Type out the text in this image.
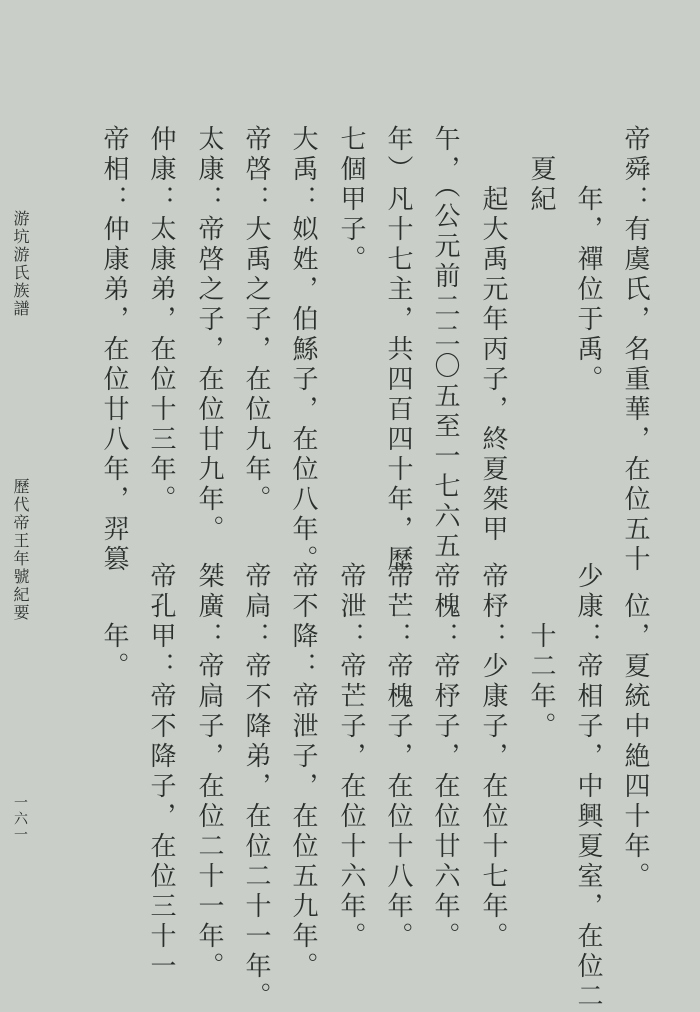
游坑游氏族譜
歷代帝王年號紀要
一六一
帝舜：有虞氏，名重華，在位五十
　　年，禪位于禹。
　夏紀
　　起大禹元年丙子，終夏桀甲
午，（公元前二二〇五至一七六五
年）凡十七主，共四百四十年，歷
七個甲子。
大禹：姒姓，伯鯀子，在位八年。
帝啓：大禹之子，在位九年。
太康：帝啓之子，在位廿九年。
仲康：太康弟，在位十三年。
帝相：仲康弟，在位廿八年，羿篡
　位，夏統中絶四十年。
少康：帝相子，中興夏室，在位二
　　十二年。
帝杼：少康子，在位十七年。
帝槐：帝杼子，在位廿六年。
帝芒：帝槐子，在位十八年。
帝泄：帝芒子，在位十六年。
帝不降：帝泄子，在位五九年。
帝扃：帝不降弟，在位二十一年。
桀廣：帝扃子，在位二十一年。
帝孔甲：帝不降子，在位三十一
　　年。
